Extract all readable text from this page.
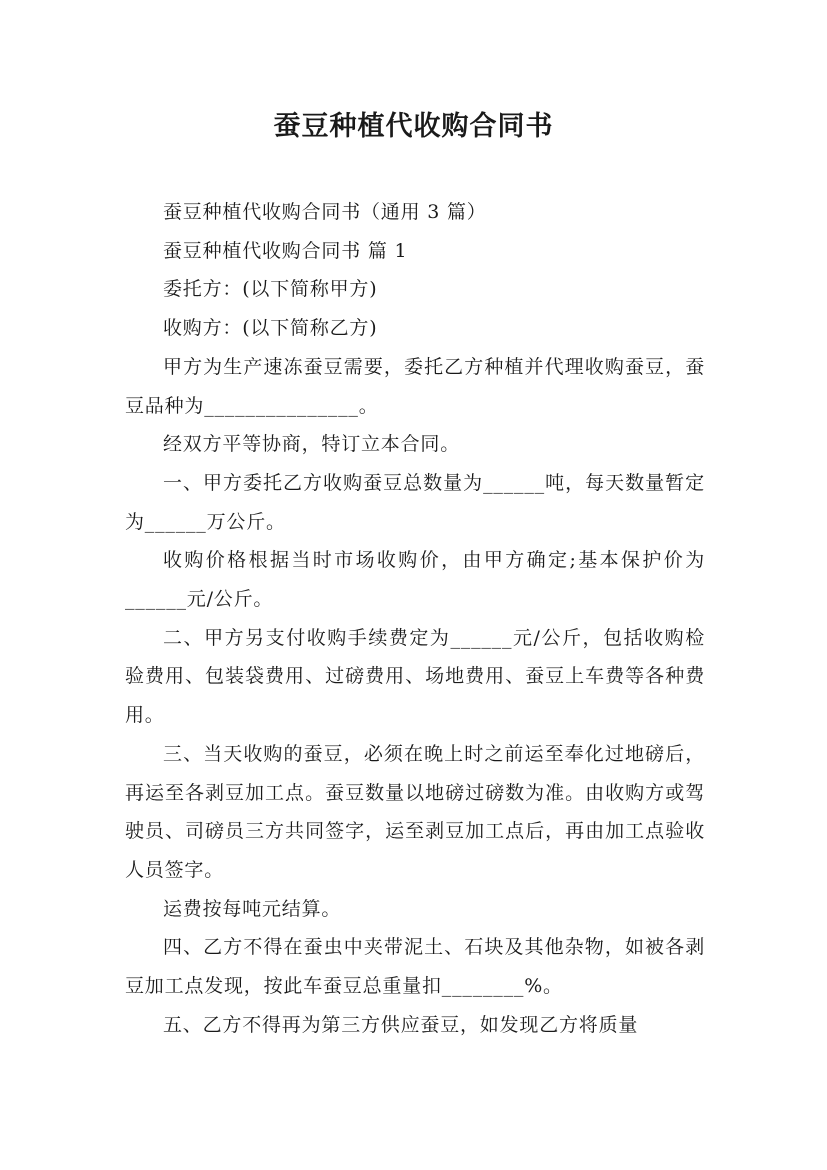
蚕豆种植代收购合同书

蚕豆种植代收购合同书（通用 3 篇）

蚕豆种植代收购合同书 篇 1

委托方：(以下简称甲方)

收购方：(以下简称乙方)

甲方为生产速冻蚕豆需要，委托乙方种植并代理收购蚕豆，蚕豆品种为_______________。

经双方平等协商，特订立本合同。

一、甲方委托乙方收购蚕豆总数量为______吨，每天数量暂定为______万公斤。

收购价格根据当时市场收购价，由甲方确定;基本保护价为______元/公斤。

二、甲方另支付收购手续费定为______元/公斤，包括收购检验费用、包装袋费用、过磅费用、场地费用、蚕豆上车费等各种费用。

三、当天收购的蚕豆，必须在晚上时之前运至奉化过地磅后，再运至各剥豆加工点。蚕豆数量以地磅过磅数为准。由收购方或驾驶员、司磅员三方共同签字，运至剥豆加工点后，再由加工点验收人员签字。

运费按每吨元结算。

四、乙方不得在蚕虫中夹带泥土、石块及其他杂物，如被各剥豆加工点发现，按此车蚕豆总重量扣________%。

五、乙方不得再为第三方供应蚕豆，如发现乙方将质量
